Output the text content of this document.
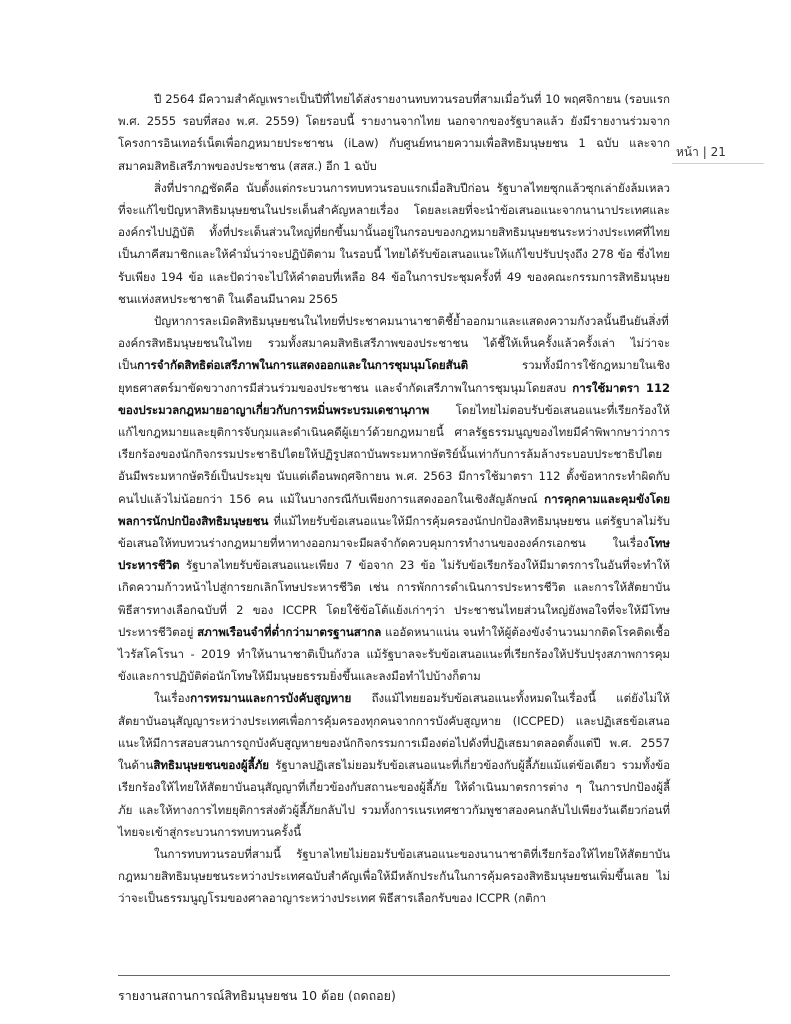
หน้า | 21

ปี 2564 มีความสำคัญเพราะเป็นปีที่ไทยได้ส่งรายงานทบทวนรอบที่สามเมื่อวันที่ 10 พฤศจิกายน (รอบแรก พ.ศ. 2555 รอบที่สอง พ.ศ. 2559) โดยรอบนี้ รายงานจากไทย นอกจากของรัฐบาลแล้ว ยังมีรายงานร่วมจากโครงการอินเทอร์เน็ตเพื่อกฎหมายประชาชน (iLaw) กับศูนย์ทนายความเพื่อสิทธิมนุษยชน 1 ฉบับ และจากสมาคมสิทธิเสรีภาพของประชาชน (สสส.) อีก 1 ฉบับ

สิ่งที่ปรากฏชัดคือ นับตั้งแต่กระบวนการทบทวนรอบแรกเมื่อสิบปีก่อน รัฐบาลไทยซุกแล้วซุกเล่ายังล้มเหลวที่จะแก้ไขปัญหาสิทธิมนุษยชนในประเด็นสำคัญหลายเรื่อง โดยละเลยที่จะนำข้อเสนอแนะจากนานาประเทศและองค์กรไปปฏิบัติ ทั้งที่ประเด็นส่วนใหญ่ที่ยกขึ้นมานั้นอยู่ในกรอบของกฎหมายสิทธิมนุษยชนระหว่างประเทศที่ไทยเป็นภาคีสมาชิกและให้คำมั่นว่าจะปฏิบัติตาม ในรอบนี้ ไทยได้รับข้อเสนอแนะให้แก้ไขปรับปรุงถึง 278 ข้อ ซึ่งไทยรับเพียง 194 ข้อ และปัดว่าจะไปให้คำตอบที่เหลือ 84 ข้อในการประชุมครั้งที่ 49 ของคณะกรรมการสิทธิมนุษยชนแห่งสหประชาชาติ ในเดือนมีนาคม 2565

ปัญหาการละเมิดสิทธิมนุษยชนในไทยที่ประชาคมนานาชาติชี้ย้ำออกมาและแสดงความกังวลนั้นยืนยันสิ่งที่องค์กรสิทธิมนุษยชนในไทย รวมทั้งสมาคมสิทธิเสรีภาพของประชาชน ได้ชี้ให้เห็นครั้งแล้วครั้งเล่า ไม่ว่าจะเป็นการจำกัดสิทธิต่อเสรีภาพในการแสดงออกและในการชุมนุมโดยสันติ รวมทั้งมีการใช้กฎหมายในเชิงยุทธศาสตร์มาขัดขวางการมีส่วนร่วมของประชาชน และจำกัดเสรีภาพในการชุมนุมโดยสงบ การใช้มาตรา 112 ของประมวลกฎหมายอาญาเกี่ยวกับการหมิ่นพระบรมเดชานุภาพ โดยไทยไม่ตอบรับข้อเสนอแนะที่เรียกร้องให้แก้ไขกฎหมายและยุติการจับกุมและดำเนินคดีผู้เยาว์ด้วยกฎหมายนี้ ศาลรัฐธรรมนูญของไทยมีคำพิพากษาว่าการเรียกร้องของนักกิจกรรมประชาธิปไตยให้ปฏิรูปสถาบันพระมหากษัตริย์นั้นเท่ากับการล้มล้างระบอบประชาธิปไตยอันมีพระมหากษัตริย์เป็นประมุข นับแต่เดือนพฤศจิกายน พ.ศ. 2563 มีการใช้มาตรา 112 ตั้งข้อหากระทำผิดกับคนไปแล้วไม่น้อยกว่า 156 คน แม้ในบางกรณีกับเพียงการแสดงออกในเชิงสัญลักษณ์ การคุกคามและคุมขังโดยพลการนักปกป้องสิทธิมนุษยชน ที่แม้ไทยรับข้อเสนอแนะให้มีการคุ้มครองนักปกป้องสิทธิมนุษยชน แต่รัฐบาลไม่รับข้อเสนอให้ทบทวนร่างกฎหมายที่หาทางออกมาจะมีผลจำกัดควบคุมการทำงานขององค์กรเอกชน ในเรื่องโทษประหารชีวิต รัฐบาลไทยรับข้อเสนอแนะเพียง 7 ข้อจาก 23 ข้อ ไม่รับข้อเรียกร้องให้มีมาตรการในอันที่จะทำให้เกิดความก้าวหน้าไปสู่การยกเลิกโทษประหารชีวิต เช่น การพักการดำเนินการประหารชีวิต และการให้สัตยาบันพิธีสารทางเลือกฉบับที่ 2 ของ ICCPR โดยใช้ข้อโต้แย้งเก่าๆว่า ประชาชนไทยส่วนใหญ่ยังพอใจที่จะให้มีโทษประหารชีวิตอยู่ สภาพเรือนจำที่ต่ำกว่ามาตรฐานสากล แออัดหนาแน่น จนทำให้ผู้ต้องขังจำนวนมากติดโรคติดเชื้อไวรัสโคโรนา - 2019 ทำให้นานาชาติเป็นกังวล แม้รัฐบาลจะรับข้อเสนอแนะที่เรียกร้องให้ปรับปรุงสภาพการคุมขังและการปฏิบัติต่อนักโทษให้มีมนุษยธรรมยิ่งขึ้นและลงมือทำไปบ้างก็ตาม

ในเรื่องการทรมานและการบังคับสูญหาย ถึงแม้ไทยยอมรับข้อเสนอแนะทั้งหมดในเรื่องนี้ แต่ยังไม่ให้สัตยาบันอนุสัญญาระหว่างประเทศเพื่อการคุ้มครองทุกคนจากการบังคับสูญหาย (ICCPED) และปฏิเสธข้อเสนอแนะให้มีการสอบสวนการถูกบังคับสูญหายของนักกิจกรรมการเมืองต่อไปดังที่ปฏิเสธมาตลอดตั้งแต่ปี พ.ศ. 2557 ในด้านสิทธิมนุษยชนของผู้ลี้ภัย รัฐบาลปฏิเสธไม่ยอมรับข้อเสนอแนะที่เกี่ยวข้องกับผู้ลี้ภัยแม้แต่ข้อเดียว รวมทั้งข้อเรียกร้องให้ไทยให้สัตยาบันอนุสัญญาที่เกี่ยวข้องกับสถานะของผู้ลี้ภัย ให้ดำเนินมาตรการต่าง ๆ ในการปกป้องผู้ลี้ภัย และให้ทางการไทยยุติการส่งตัวผู้ลี้ภัยกลับไป รวมทั้งการเนรเทศชาวกัมพูชาสองคนกลับไปเพียงวันเดียวก่อนที่ไทยจะเข้าสู่กระบวนการทบทวนครั้งนี้

ในการทบทวนรอบที่สามนี้ รัฐบาลไทยไม่ยอมรับข้อเสนอแนะของนานาชาติที่เรียกร้องให้ไทยให้สัตยาบันกฎหมายสิทธิมนุษยชนระหว่างประเทศฉบับสำคัญเพื่อให้มีหลักประกันในการคุ้มครองสิทธิมนุษยชนเพิ่มขึ้นเลย ไม่ว่าจะเป็นธรรมนูญโรมของศาลอาญาระหว่างประเทศ พิธีสารเลือกรับของ ICCPR (กติกา

รายงานสถานการณ์สิทธิมนุษยชน 10 ด้อย (ถดถอย)
